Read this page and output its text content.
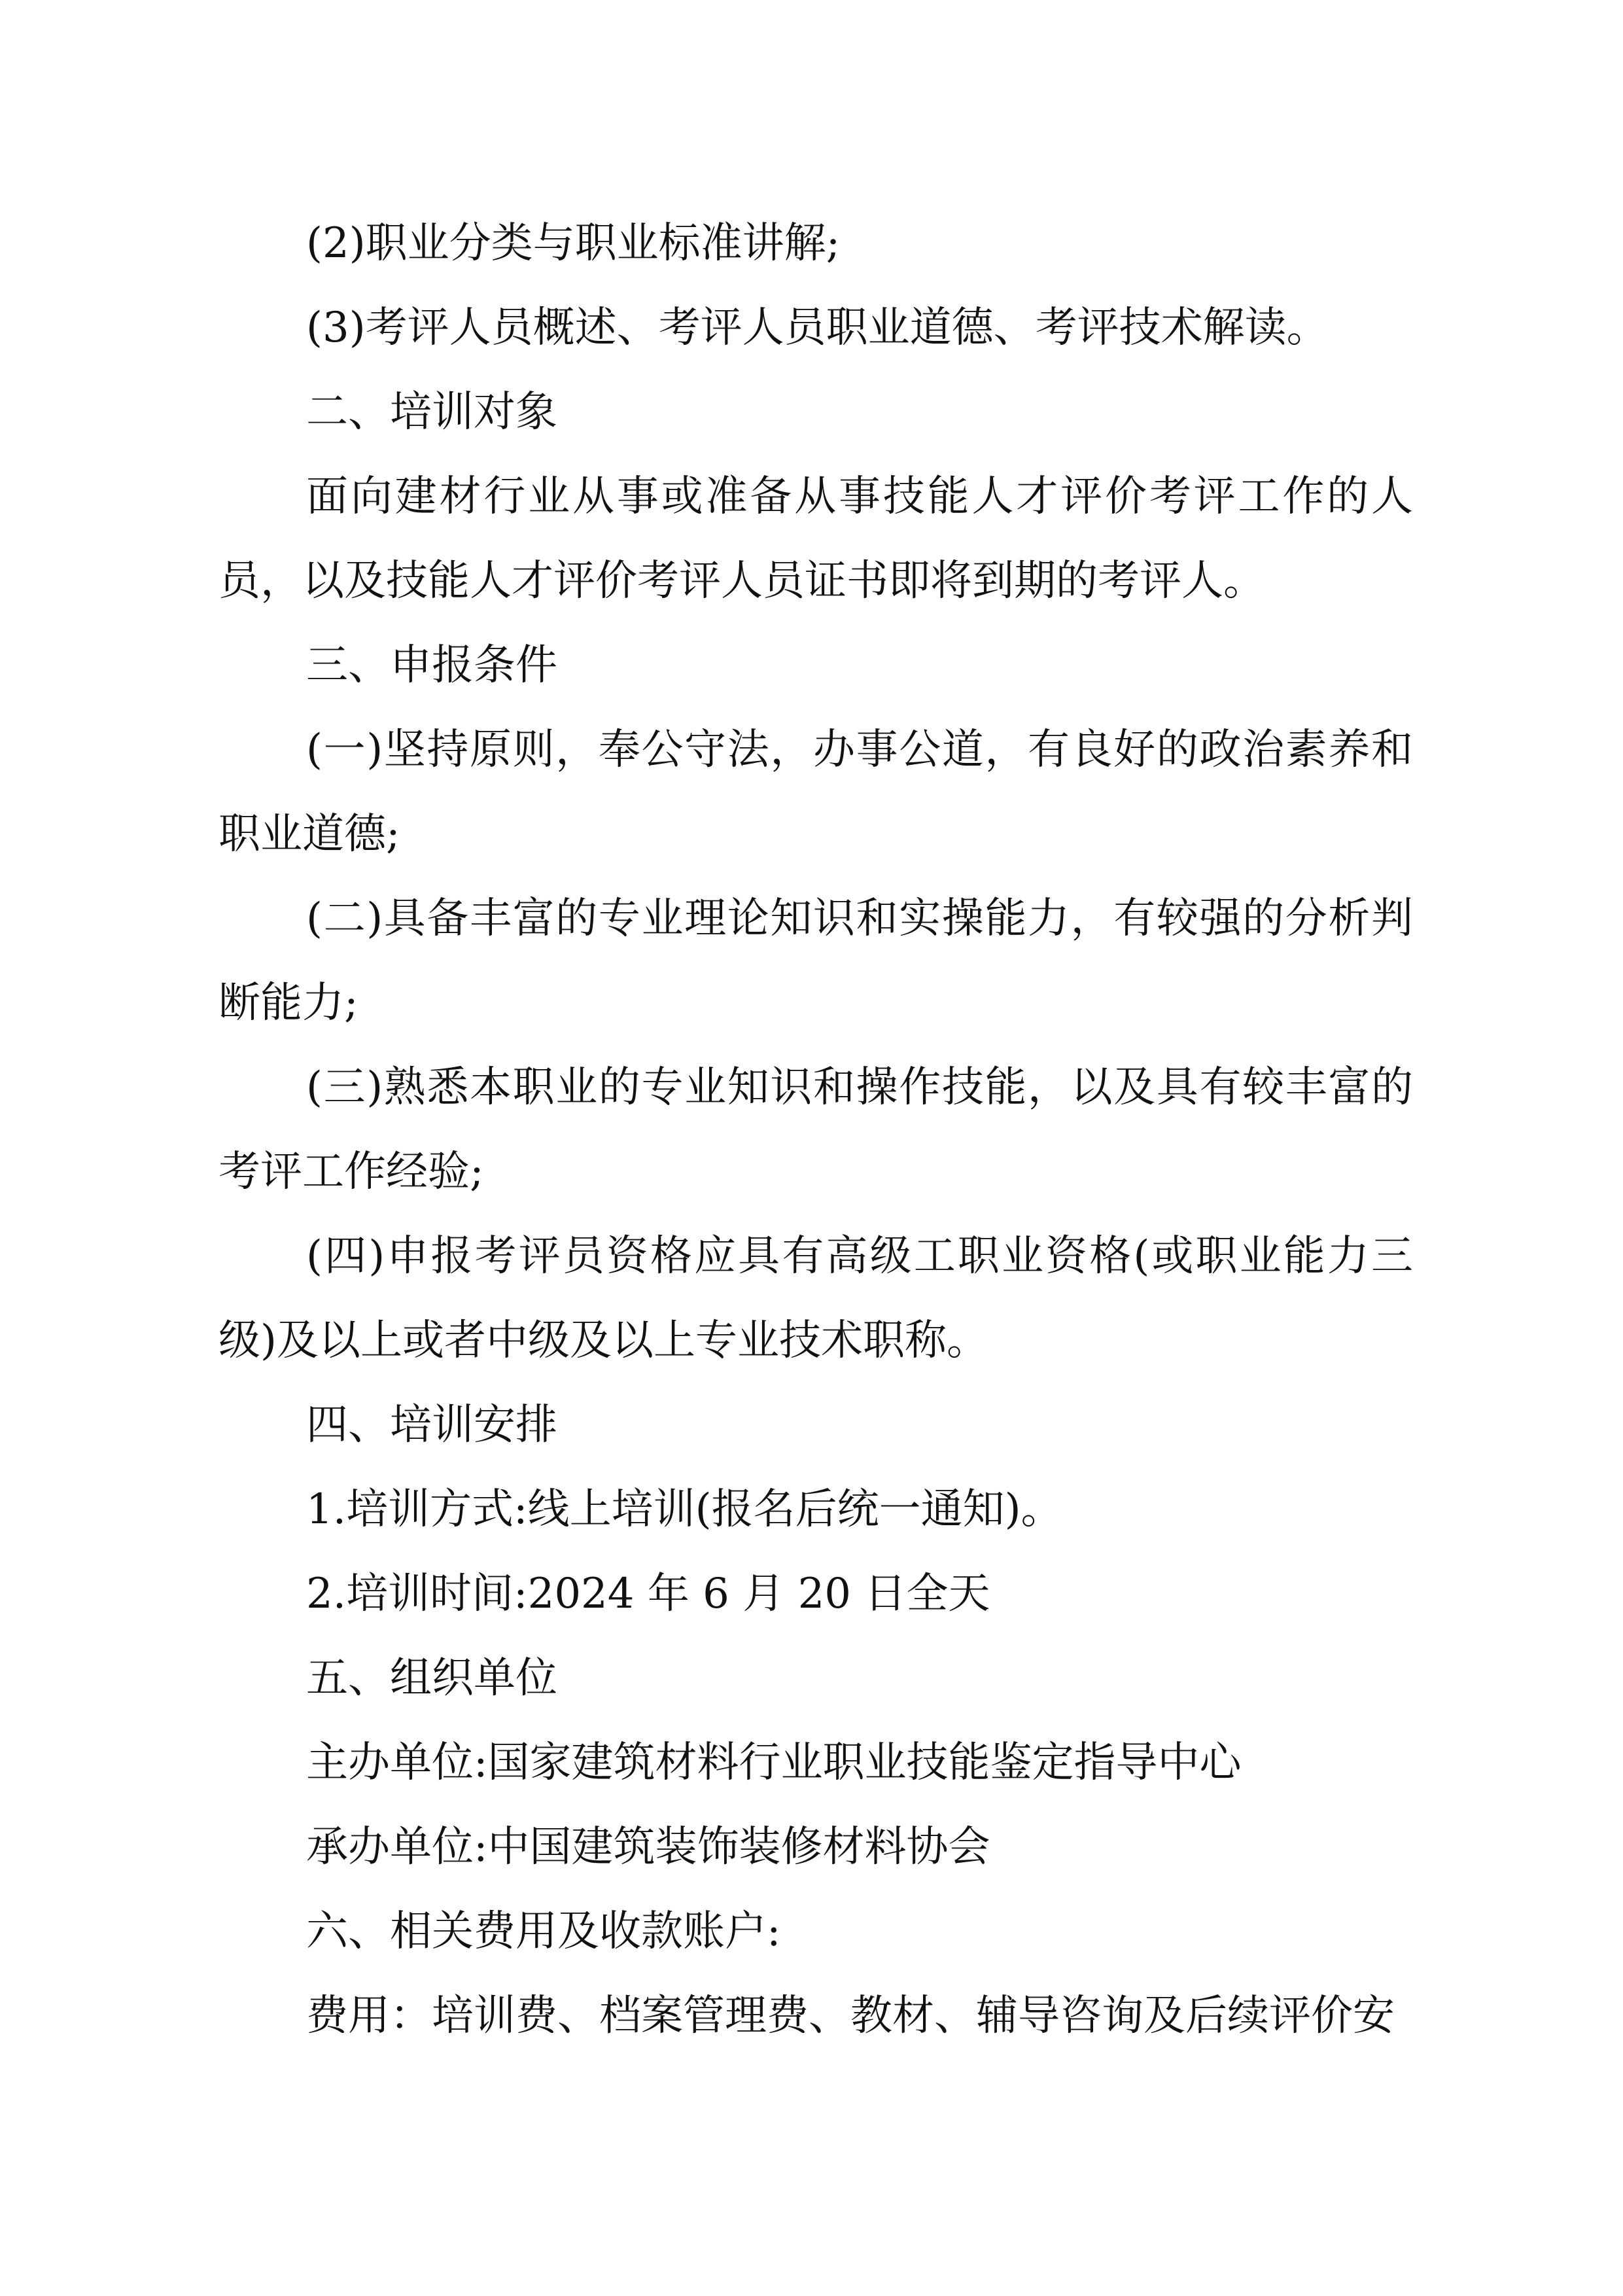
(2)职业分类与职业标准讲解;

(3)考评人员概述、考评人员职业道德、考评技术解读。

二、培训对象

面向建材行业从事或准备从事技能人才评价考评工作的人员，以及技能人才评价考评人员证书即将到期的考评人。

三、申报条件

(一)坚持原则，奉公守法，办事公道，有良好的政治素养和职业道德;

(二)具备丰富的专业理论知识和实操能力，有较强的分析判断能力;

(三)熟悉本职业的专业知识和操作技能，以及具有较丰富的考评工作经验;

(四)申报考评员资格应具有高级工职业资格(或职业能力三级)及以上或者中级及以上专业技术职称。

四、培训安排

1.培训方式:线上培训(报名后统一通知)。

2.培训时间:2024 年 6 月 20 日全天

五、组织单位

主办单位:国家建筑材料行业职业技能鉴定指导中心

承办单位:中国建筑装饰装修材料协会

六、相关费用及收款账户:

费用：培训费、档案管理费、教材、辅导咨询及后续评价安
